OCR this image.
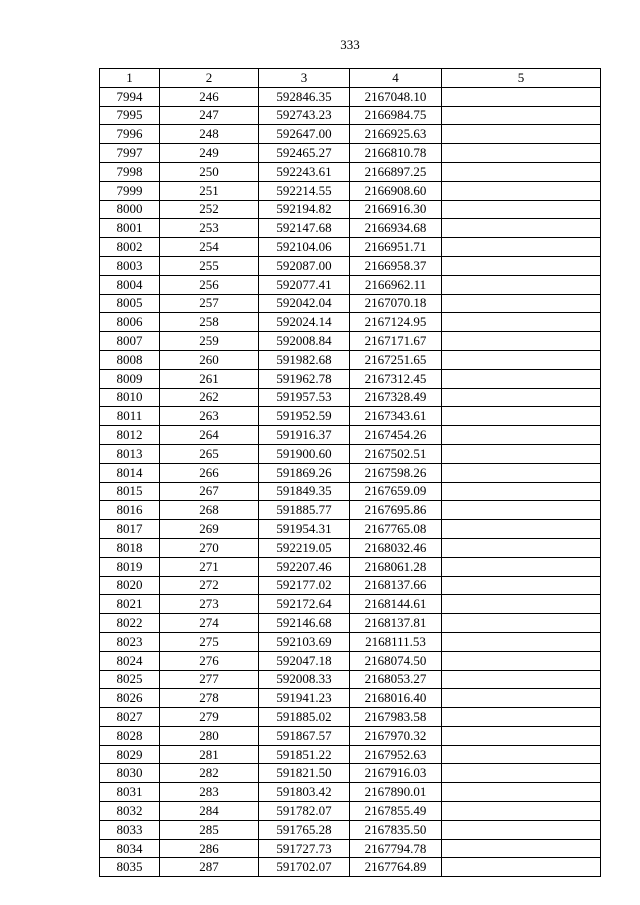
333
1	2	3	4	5
7994	246	592846.35	2167048.10	
7995	247	592743.23	2166984.75	
7996	248	592647.00	2166925.63	
7997	249	592465.27	2166810.78	
7998	250	592243.61	2166897.25	
7999	251	592214.55	2166908.60	
8000	252	592194.82	2166916.30	
8001	253	592147.68	2166934.68	
8002	254	592104.06	2166951.71	
8003	255	592087.00	2166958.37	
8004	256	592077.41	2166962.11	
8005	257	592042.04	2167070.18	
8006	258	592024.14	2167124.95	
8007	259	592008.84	2167171.67	
8008	260	591982.68	2167251.65	
8009	261	591962.78	2167312.45	
8010	262	591957.53	2167328.49	
8011	263	591952.59	2167343.61	
8012	264	591916.37	2167454.26	
8013	265	591900.60	2167502.51	
8014	266	591869.26	2167598.26	
8015	267	591849.35	2167659.09	
8016	268	591885.77	2167695.86	
8017	269	591954.31	2167765.08	
8018	270	592219.05	2168032.46	
8019	271	592207.46	2168061.28	
8020	272	592177.02	2168137.66	
8021	273	592172.64	2168144.61	
8022	274	592146.68	2168137.81	
8023	275	592103.69	2168111.53	
8024	276	592047.18	2168074.50	
8025	277	592008.33	2168053.27	
8026	278	591941.23	2168016.40	
8027	279	591885.02	2167983.58	
8028	280	591867.57	2167970.32	
8029	281	591851.22	2167952.63	
8030	282	591821.50	2167916.03	
8031	283	591803.42	2167890.01	
8032	284	591782.07	2167855.49	
8033	285	591765.28	2167835.50	
8034	286	591727.73	2167794.78	
8035	287	591702.07	2167764.89	
